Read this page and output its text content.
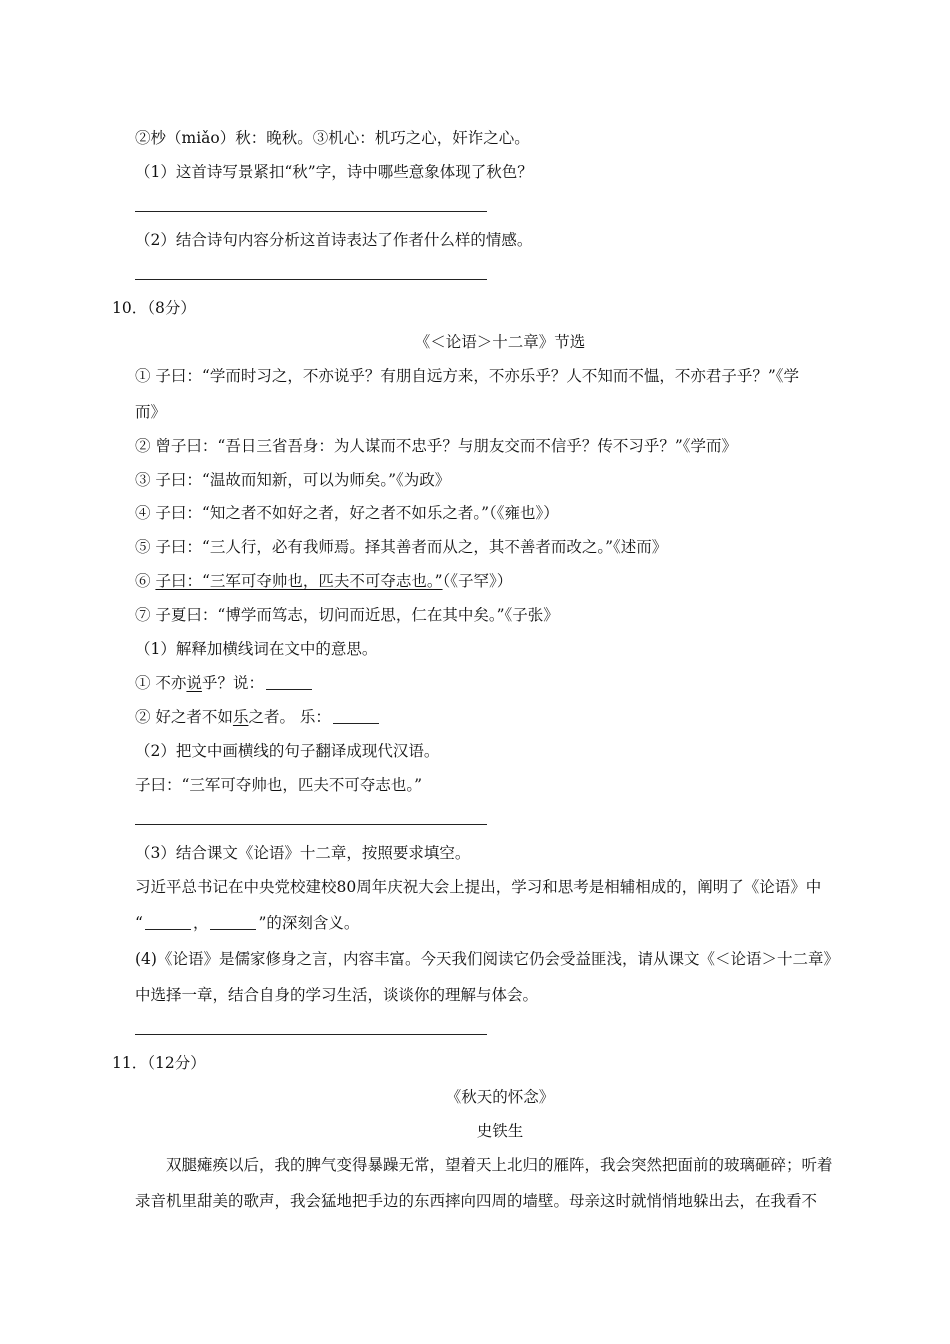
②杪（miǎo）秋：晚秋。③机心：机巧之心，奸诈之心。
（1）这首诗写景紧扣“秋”字，诗中哪些意象体现了秋色？
（2）结合诗句内容分析这首诗表达了作者什么样的情感。
10．（8分）
《＜论语＞十二章》节选
① 子曰：“学而时习之，不亦说乎？有朋自远方来，不亦乐乎？人不知而不愠，不亦君子乎？”《学
而》
② 曾子曰：“吾日三省吾身：为人谋而不忠乎？与朋友交而不信乎？传不习乎？”《学而》
③ 子曰：“温故而知新，可以为师矣。”《为政》
④ 子曰：“知之者不如好之者，好之者不如乐之者。”（《雍也》）
⑤ 子曰：“三人行，必有我师焉。择其善者而从之，其不善者而改之。”《述而》
⑥ 子曰：“三军可夺帅也，匹夫不可夺志也。”（《子罕》）
⑦ 子夏曰：“博学而笃志，切问而近思，仁在其中矣。”《子张》
（1）解释加横线词在文中的意思。
① 不亦说乎？说：
② 好之者不如乐之者。 乐：
（2）把文中画横线的句子翻译成现代汉语。
子曰：“三军可夺帅也，匹夫不可夺志也。”
（3）结合课文《论语》十二章，按照要求填空。
习近平总书记在中央党校建校80周年庆祝大会上提出，学习和思考是相辅相成的，阐明了《论语》中
“	，	”的深刻含义。
(4)《论语》是儒家修身之言，内容丰富。今天我们阅读它仍会受益匪浅，请从课文《＜论语＞十二章》
中选择一章，结合自身的学习生活，谈谈你的理解与体会。
11．（12分）
《秋天的怀念》
史铁生
双腿瘫痪以后，我的脾气变得暴躁无常，望着天上北归的雁阵，我会突然把面前的玻璃砸碎；听着
录音机里甜美的歌声，我会猛地把手边的东西摔向四周的墙壁。母亲这时就悄悄地躲出去，在我看不
